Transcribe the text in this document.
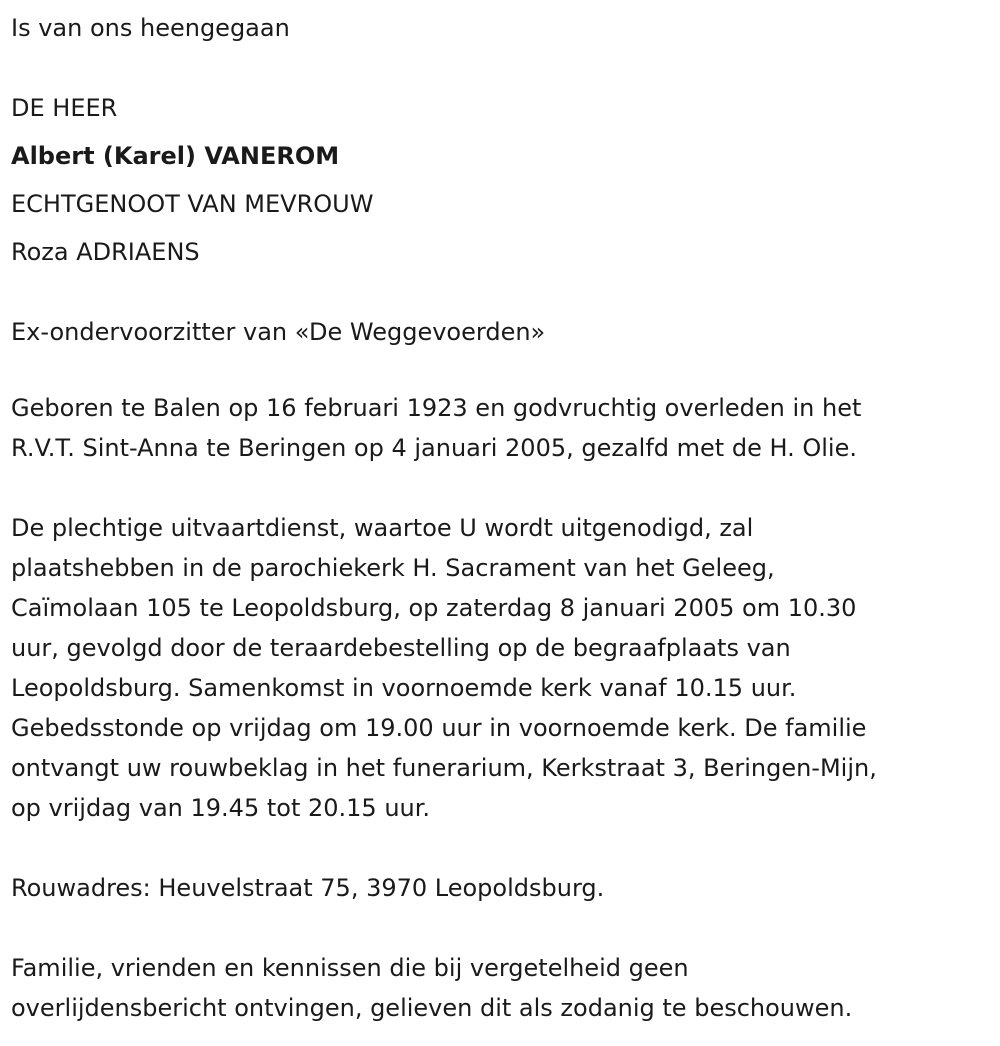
Is van ons heengegaan
DE HEER
Albert (Karel) VANEROM
ECHTGENOOT VAN MEVROUW
Roza ADRIAENS
Ex-ondervoorzitter van «De Weggevoerden»
Geboren te Balen op 16 februari 1923 en godvruchtig overleden in het
R.V.T. Sint-Anna te Beringen op 4 januari 2005, gezalfd met de H. Olie.
De plechtige uitvaartdienst, waartoe U wordt uitgenodigd, zal
plaatshebben in de parochiekerk H. Sacrament van het Geleeg,
Caïmolaan 105 te Leopoldsburg, op zaterdag 8 januari 2005 om 10.30
uur, gevolgd door de teraardebestelling op de begraafplaats van
Leopoldsburg. Samenkomst in voornoemde kerk vanaf 10.15 uur.
Gebedsstonde op vrijdag om 19.00 uur in voornoemde kerk. De familie
ontvangt uw rouwbeklag in het funerarium, Kerkstraat 3, Beringen-Mijn,
op vrijdag van 19.45 tot 20.15 uur.
Rouwadres: Heuvelstraat 75, 3970 Leopoldsburg.
Familie, vrienden en kennissen die bij vergetelheid geen
overlijdensbericht ontvingen, gelieven dit als zodanig te beschouwen.
